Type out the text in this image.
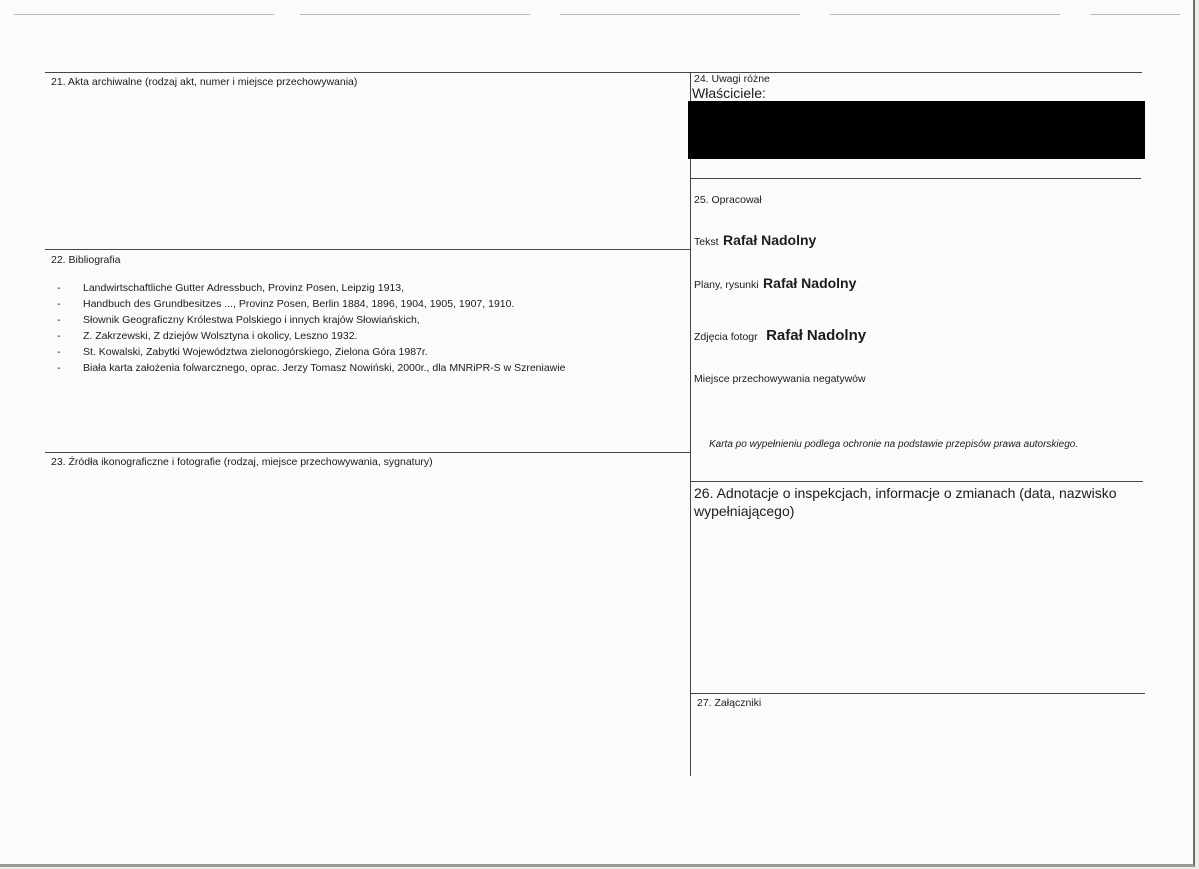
21. Akta archiwalne (rodzaj akt, numer i miejsce przechowywania)
22. Bibliografia
- Landwirtschaftliche Gutter Adressbuch, Provinz Posen, Leipzig 1913,
- Handbuch des Grundbesitzes ..., Provinz Posen, Berlin 1884, 1896, 1904, 1905, 1907, 1910.
- Słownik Geograficzny Królestwa Polskiego i innych krajów Słowiańskich,
- Z. Zakrzewski, Z dziejów Wolsztyna i okolicy, Leszno 1932.
- St. Kowalski, Zabytki Województwa zielonogórskiego, Zielona Góra 1987r.
- Biała karta założenia folwarcznego, oprac. Jerzy Tomasz Nowiński, 2000r., dla MNRiPR-S w Szreniawie
23. Źródła ikonograficzne i fotografie (rodzaj, miejsce przechowywania, sygnatury)
24. Uwagi różne
Właściciele:
25. Opracował
Tekst Rafał Nadolny
Plany, rysunki Rafał Nadolny
Zdjęcia fotogr Rafał Nadolny
Miejsce przechowywania negatywów
Karta po wypełnieniu podlega ochronie na podstawie przepisów prawa autorskiego.
26. Adnotacje o inspekcjach, informacje o zmianach (data, nazwisko wypełniającego)
27. Załączniki
